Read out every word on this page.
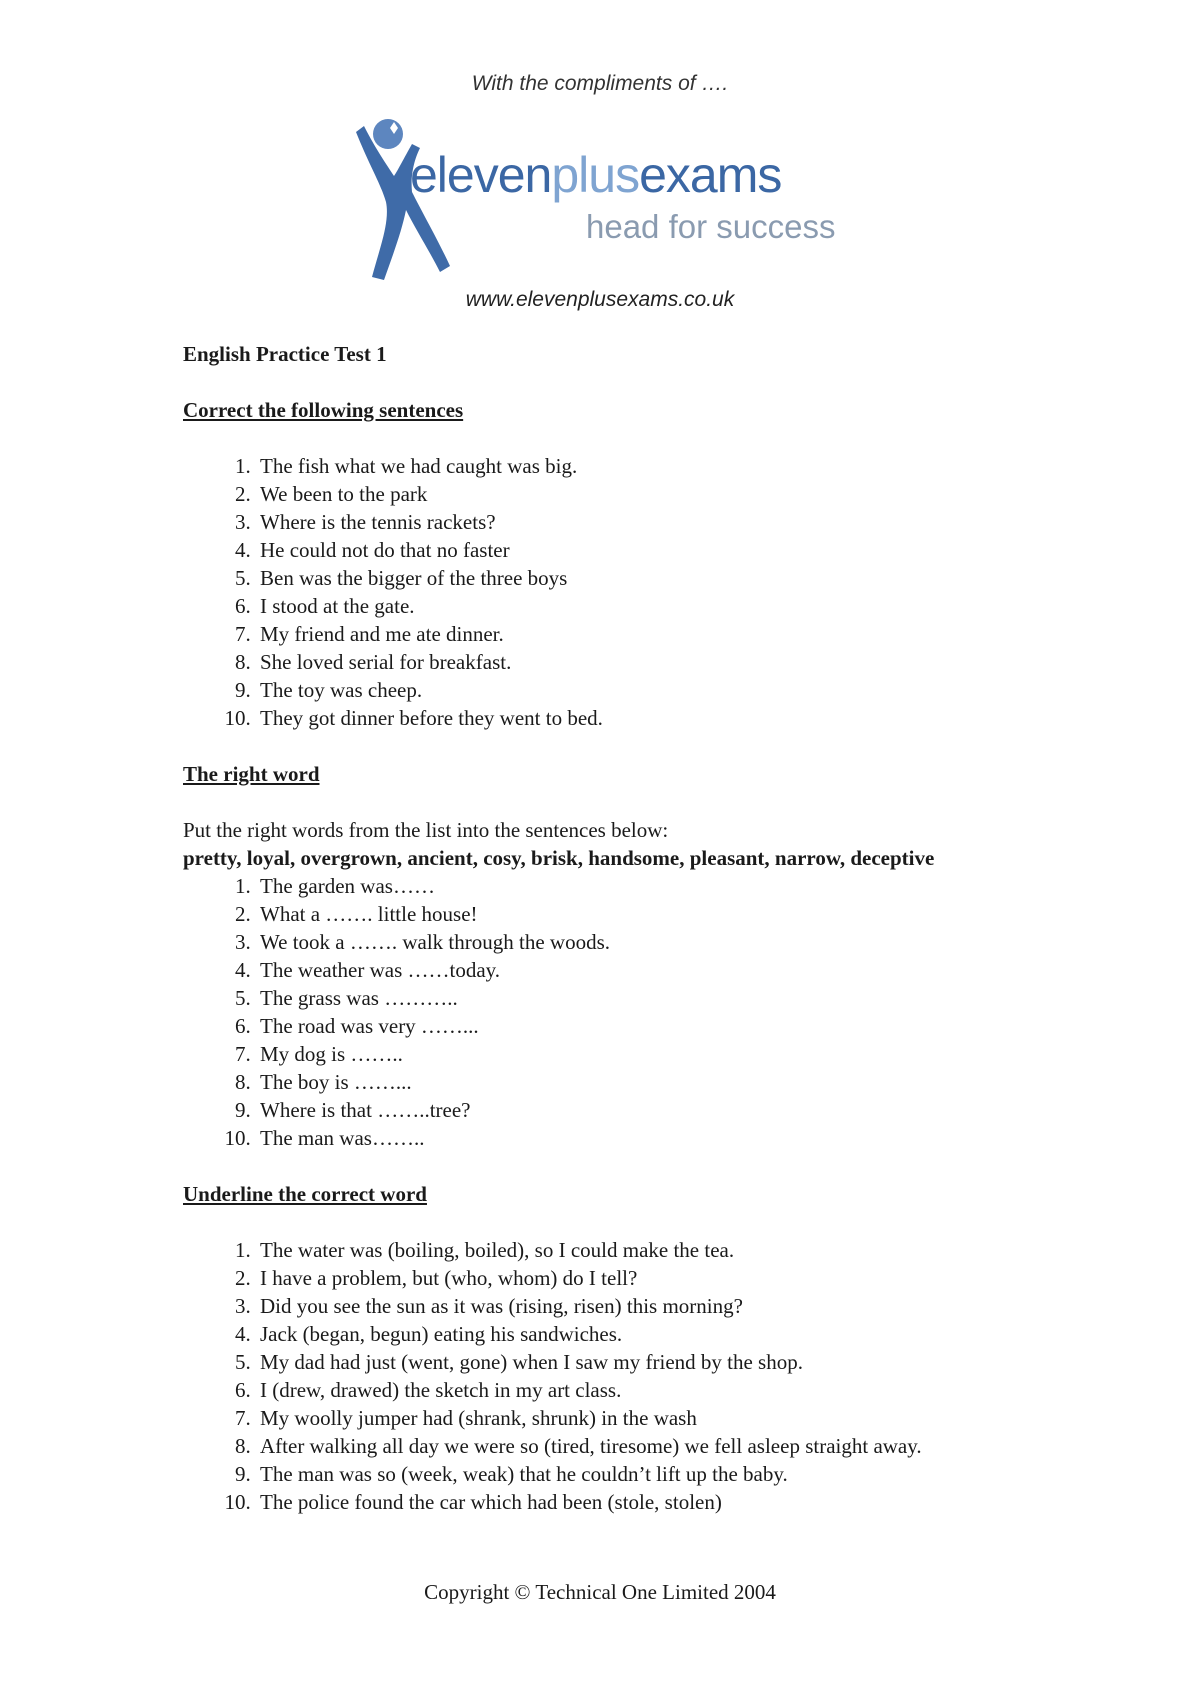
With the compliments of ….
elevenplusexams
head for success
www.elevenplusexams.co.uk

English Practice Test 1

Correct the following sentences

1. The fish what we had caught was big.
2. We been to the park
3. Where is the tennis rackets?
4. He could not do that no faster
5. Ben was the bigger of the three boys
6. I stood at the gate.
7. My friend and me ate dinner.
8. She loved serial for breakfast.
9. The toy was cheep.
10. They got dinner before they went to bed.

The right word

Put the right words from the list into the sentences below:

pretty, loyal, overgrown, ancient, cosy, brisk, handsome, pleasant, narrow, deceptive

1. The garden was……
2. What a ……. little house!
3. We took a ……. walk through the woods.
4. The weather was ……today.
5. The grass was ………..
6. The road was very ……...
7. My dog is ……..
8. The boy is ……...
9. Where is that ……..tree?
10. The man was……..

Underline the correct word

1. The water was (boiling, boiled), so I could make the tea.
2. I have a problem, but (who, whom) do I tell?
3. Did you see the sun as it was (rising, risen) this morning?
4. Jack (began, begun) eating his sandwiches.
5. My dad had just (went, gone) when I saw my friend by the shop.
6. I (drew, drawed) the sketch in my art class.
7. My woolly jumper had (shrank, shrunk) in the wash
8. After walking all day we were so (tired, tiresome) we fell asleep straight away.
9. The man was so (week, weak) that he couldn’t lift up the baby.
10. The police found the car which had been (stole, stolen)
Copyright © Technical One Limited 2004
